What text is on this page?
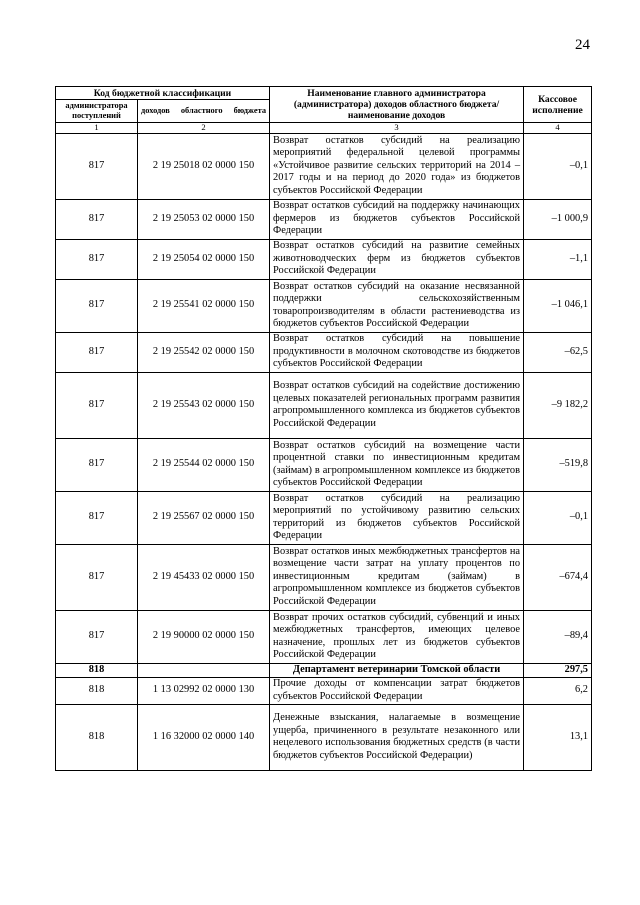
24
Код бюджетной классификации		Наименование главного администратора (администратора) доходов областного бюджета/ наименование доходов	Кассовое исполнение
администратора поступлений	доходов областного бюджета		
1	2	3	4
817	2 19 25018 02 0000 150	Возврат остатков субсидий на реализацию мероприятий федеральной целевой программы «Устойчивое развитие сельских территорий на 2014 – 2017 годы и на период до 2020 года» из бюджетов субъектов Российской Федерации	–0,1
817	2 19 25053 02 0000 150	Возврат остатков субсидий на поддержку начинающих фермеров из бюджетов субъектов Российской Федерации	–1 000,9
817	2 19 25054 02 0000 150	Возврат остатков субсидий на развитие семейных животноводческих ферм из бюджетов субъектов Российской Федерации	–1,1
817	2 19 25541 02 0000 150	Возврат остатков субсидий на оказание несвязанной поддержки сельскохозяйственным товаропроизводителям в области растениеводства из бюджетов субъектов Российской Федерации	–1 046,1
817	2 19 25542 02 0000 150	Возврат остатков субсидий на повышение продуктивности в молочном скотоводстве из бюджетов субъектов Российской Федерации	–62,5
817	2 19 25543 02 0000 150	Возврат остатков субсидий на содействие достижению целевых показателей региональных программ развития агропромышленного комплекса из бюджетов субъектов Российской Федерации	–9 182,2
817	2 19 25544 02 0000 150	Возврат остатков субсидий на возмещение части процентной ставки по инвестиционным кредитам (займам) в агропромышленном комплексе из бюджетов субъектов Российской Федерации	–519,8
817	2 19 25567 02 0000 150	Возврат остатков субсидий на реализацию мероприятий по устойчивому развитию сельских территорий из бюджетов субъектов Российской Федерации	–0,1
817	2 19 45433 02 0000 150	Возврат остатков иных межбюджетных трансфертов на возмещение части затрат на уплату процентов по инвестиционным кредитам (займам) в агропромышленном комплексе из бюджетов субъектов Российской Федерации	–674,4
817	2 19 90000 02 0000 150	Возврат прочих остатков субсидий, субвенций и иных межбюджетных трансфертов, имеющих целевое назначение, прошлых лет из бюджетов субъектов Российской Федерации	–89,4
818		Департамент ветеринарии Томской области	297,5
818	1 13 02992 02 0000 130	Прочие доходы от компенсации затрат бюджетов субъектов Российской Федерации	6,2
818	1 16 32000 02 0000 140	Денежные взыскания, налагаемые в возмещение ущерба, причиненного в результате незаконного или нецелевого использования бюджетных средств (в части бюджетов субъектов Российской Федерации)	13,1
